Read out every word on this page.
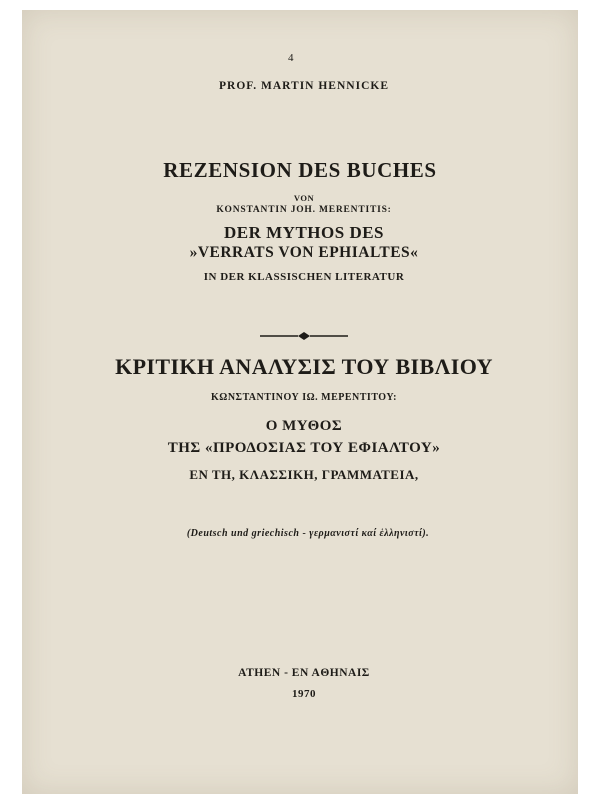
4
PROF. MARTIN HENNICKE
REZENSION DES BUCHES
VON
KONSTANTIN JOH. MERENTITIS:
DER MYTHOS DES
»VERRATS VON EPHIALTES«
IN DER KLASSISCHEN LITERATUR
ΚΡΙΤΙΚΗ ΑΝΑΛΥΣΙΣ ΤΟΥ ΒΙΒΛΙΟΥ
ΚΩΝΣΤΑΝΤΙΝΟΥ ΙΩ. ΜΕΡΕΝΤΙΤΟΥ:
Ο ΜΥΘΟΣ
ΤΗΣ «ΠΡΟΔΟΣΙΑΣ ΤΟΥ ΕΦΙΑΛΤΟΥ»
ΕΝ ΤΗ, ΚΛΑΣΣΙΚΗ, ΓΡΑΜΜΑΤΕΙΑ,
(Deutsch und griechisch - γερμανιστί καί ἑλληνιστί).
ATHEN - EN AΘΗΝΑΙΣ
1970
